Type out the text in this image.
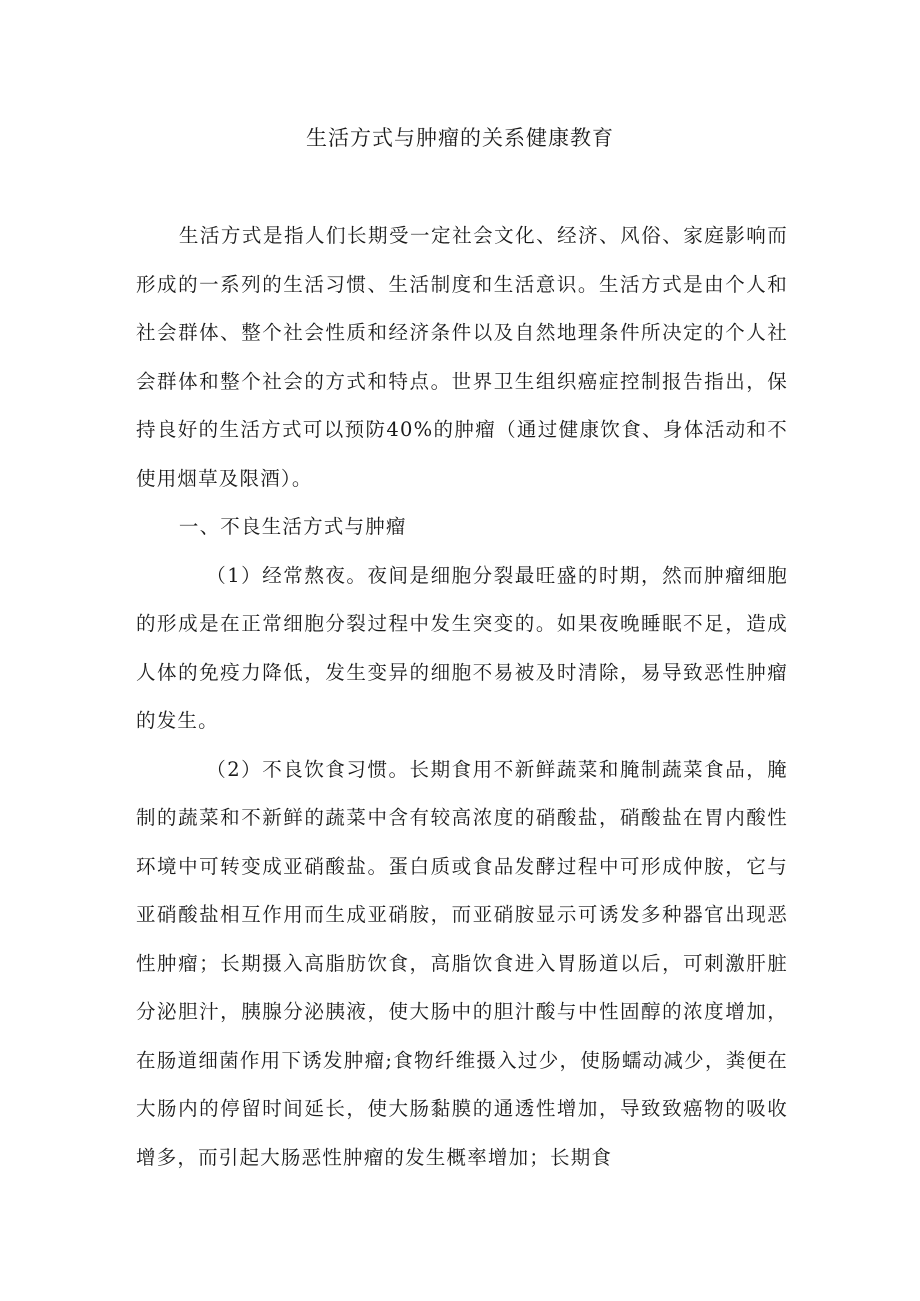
生活方式与肿瘤的关系健康教育

生活方式是指人们长期受一定社会文化、经济、风俗、家庭影响而形成的一系列的生活习惯、生活制度和生活意识。生活方式是由个人和社会群体、整个社会性质和经济条件以及自然地理条件所决定的个人社会群体和整个社会的方式和特点。世界卫生组织癌症控制报告指出，保持良好的生活方式可以预防40%的肿瘤（通过健康饮食、身体活动和不使用烟草及限酒）。

一、不良生活方式与肿瘤

（1）经常熬夜。夜间是细胞分裂最旺盛的时期，然而肿瘤细胞的形成是在正常细胞分裂过程中发生突变的。如果夜晚睡眠不足，造成人体的免疫力降低，发生变异的细胞不易被及时清除，易导致恶性肿瘤的发生。

（2）不良饮食习惯。长期食用不新鲜蔬菜和腌制蔬菜食品，腌制的蔬菜和不新鲜的蔬菜中含有较高浓度的硝酸盐，硝酸盐在胃内酸性环境中可转变成亚硝酸盐。蛋白质或食品发酵过程中可形成仲胺，它与亚硝酸盐相互作用而生成亚硝胺，而亚硝胺显示可诱发多种器官出现恶性肿瘤；长期摄入高脂肪饮食，高脂饮食进入胃肠道以后，可刺激肝脏分泌胆汁，胰腺分泌胰液，使大肠中的胆汁酸与中性固醇的浓度增加，在肠道细菌作用下诱发肿瘤;食物纤维摄入过少，使肠蠕动减少，粪便在大肠内的停留时间延长，使大肠黏膜的通透性增加，导致致癌物的吸收增多，而引起大肠恶性肿瘤的发生概率增加；长期食
